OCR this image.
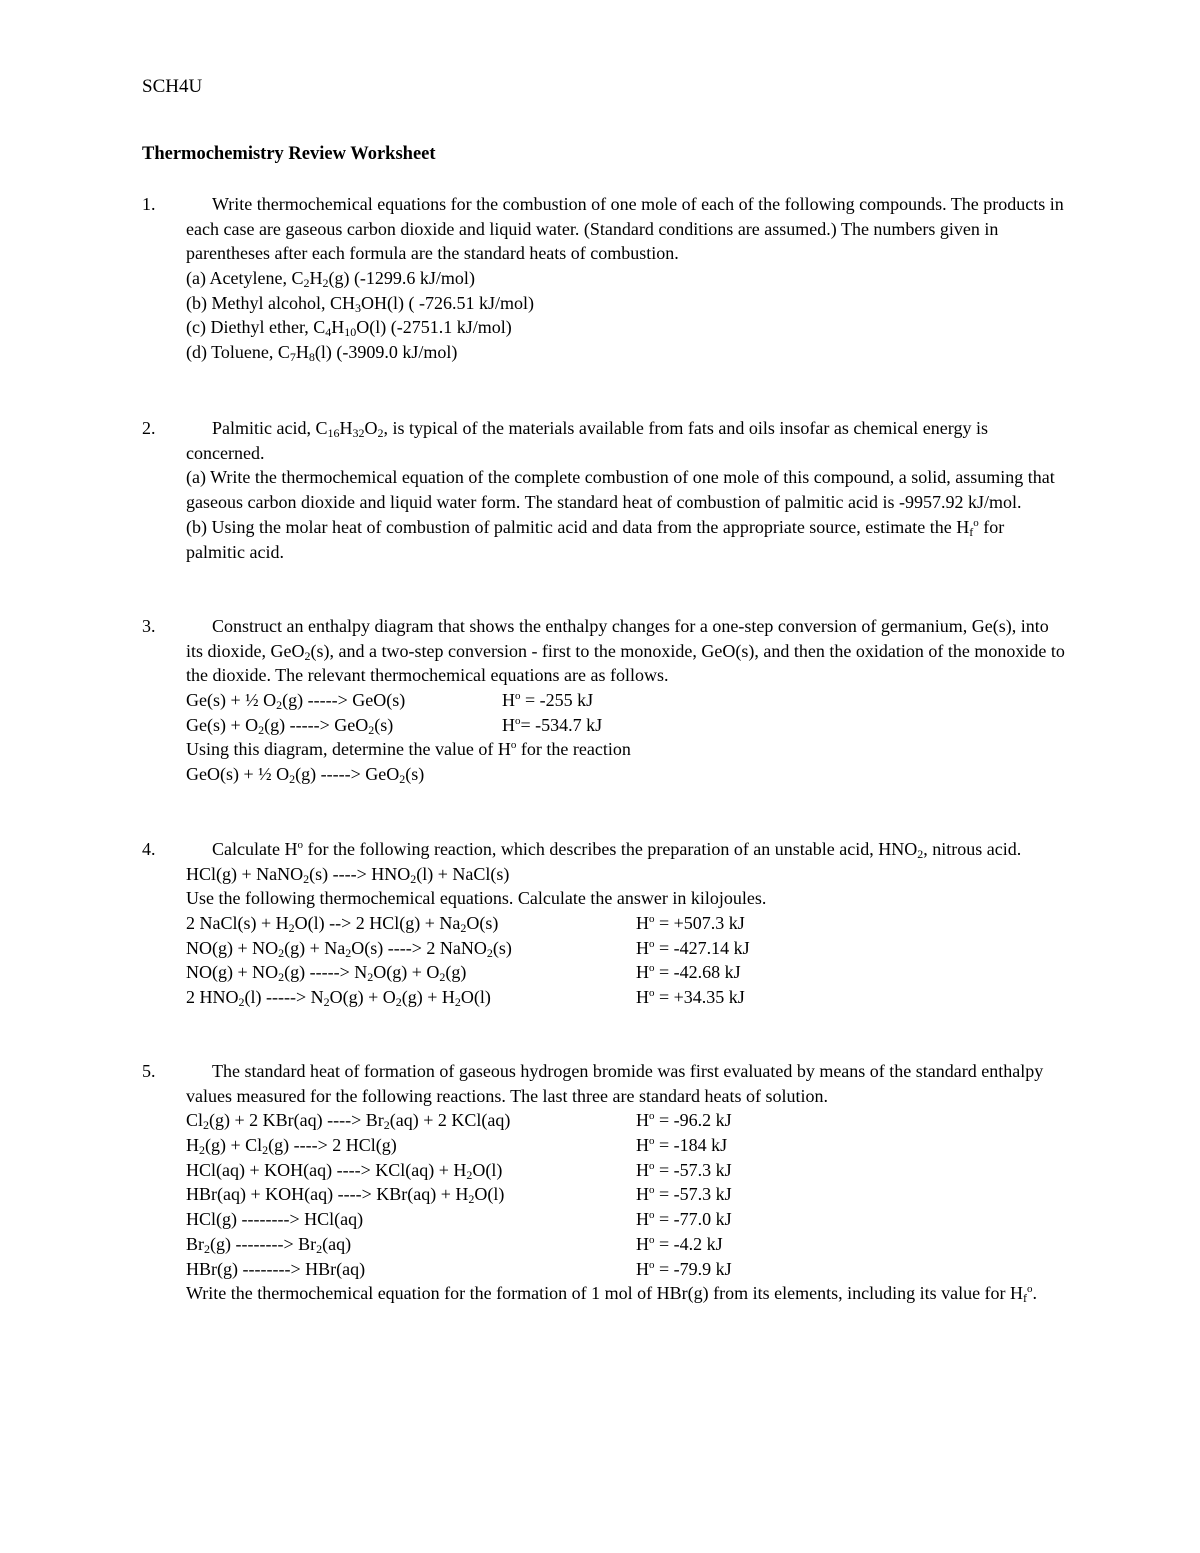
SCH4U
Thermochemistry Review Worksheet
1.	Write thermochemical equations for the combustion of one mole of each of the following compounds. The products in each case are gaseous carbon dioxide and liquid water. (Standard conditions are assumed.) The numbers given in parentheses after each formula are the standard heats of combustion.
(a) Acetylene, $C_2H_2(g)$ (-1299.6 kJ/mol)
(b) Methyl alcohol, $CH_3OH(l)$ ( -726.51 kJ/mol)
(c) Diethyl ether, $C_4H_{10}O(l)$ (-2751.1 kJ/mol)
(d) Toluene, $C_7H_8(l)$ (-3909.0 kJ/mol)
2.	Palmitic acid, $C_{16}H_{32}O_2$, is typical of the materials available from fats and oils insofar as chemical energy is concerned.
(a) Write the thermochemical equation of the complete combustion of one mole of this compound, a solid, assuming that gaseous carbon dioxide and liquid water form. The standard heat of combustion of palmitic acid is -9957.92 kJ/mol.
(b) Using the molar heat of combustion of palmitic acid and data from the appropriate source, estimate the $H_f^o$ for palmitic acid.
3.	Construct an enthalpy diagram that shows the enthalpy changes for a one-step conversion of germanium, Ge(s), into its dioxide, GeO$_2$(s), and a two-step conversion - first to the monoxide, GeO(s), and then the oxidation of the monoxide to the dioxide. The relevant thermochemical equations are as follows.
Ge(s) + ½ $O_2(g)$ -----> GeO(s)	$H^o = -255$ kJ
$Ge(s) + O_2(g)$ -----> GeO$_2$(s)	$H^o= -534.7$ kJ
Using this diagram, determine the value of $H^o$ for the reaction
GeO(s) + ½ $O_2(g)$ -----> GeO$_2$(s)
4.	Calculate $H^o$ for the following reaction, which describes the preparation of an unstable acid, $HNO_2$, nitrous acid.
HCl(g) + NaNO$_2$(s) ----> $HNO_2(l)$ + NaCl(s)
Use the following thermochemical equations. Calculate the answer in kilojoules.
2 NaCl(s) + $H_2O(l)$ --> 2 $HCl(g) + Na_2O(s)$	$H^o = +507.3$ kJ
$NO(g) + NO_2(g) + Na_2O(s)$ ----> 2 NaNO$_2$(s)	$H^o = -427.14$ kJ
$NO(g) + NO_2(g)$ -----> $N_2O(g) + O_2(g)$	$H^o = -42.68$ kJ
2 $HNO_2(l)$ -----> $N_2O(g) + O_2(g) + H_2O(l)$	$H^o = +34.35$ kJ
5.	The standard heat of formation of gaseous hydrogen bromide was first evaluated by means of the standard enthalpy values measured for the following reactions. The last three are standard heats of solution.
$Cl_2(g) + 2$ KBr(aq) ----> $Br_2(aq) + 2$ KCl(aq)	$H^o = -96.2$ kJ
$H_2(g) + Cl_2(g)$ ----> 2 HCl(g)	$H^o = -184$ kJ
HCl(aq) + KOH(aq) ----> $KCl(aq) + H_2O(l)$	$H^o = -57.3$ kJ
HBr(aq) + KOH(aq) ----> $KBr(aq) + H_2O(l)$	$H^o = -57.3$ kJ
HCl(g) --------> HCl(aq)	$H^o = -77.0$ kJ
$Br_2(g)$ --------> $Br_2(aq)$	$H^o = -4.2$ kJ
HBr(g) --------> HBr(aq)	$H^o = -79.9$ kJ
Write the thermochemical equation for the formation of 1 mol of HBr(g) from its elements, including its value for $H_f^o$.
